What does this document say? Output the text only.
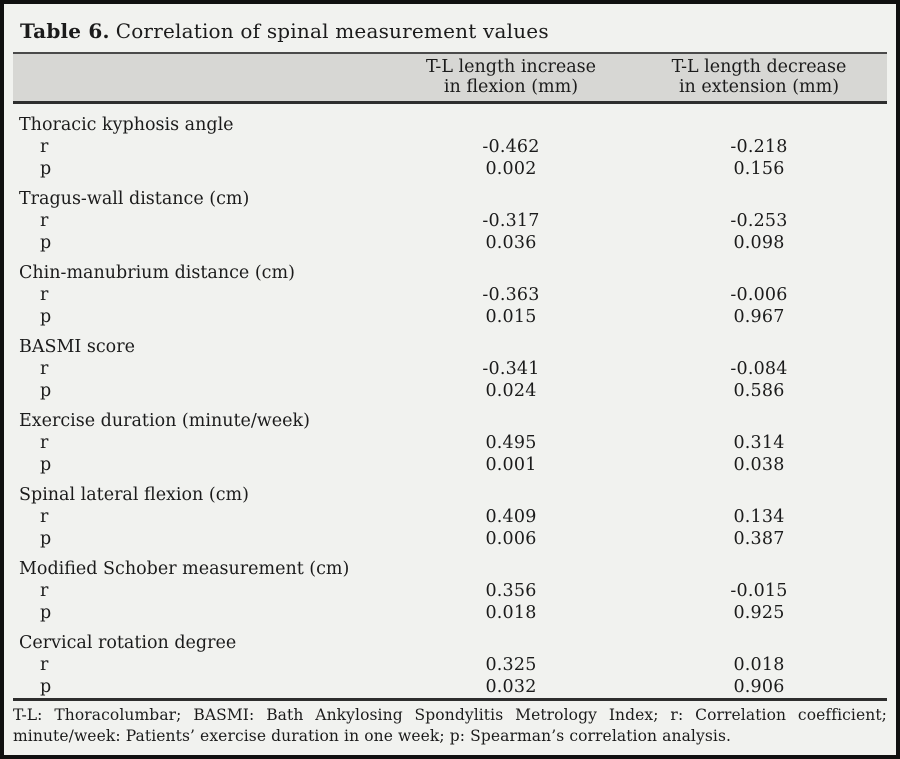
Table 6. Correlation of spinal measurement values
T-L length increase
in flexion (mm)
T-L length decrease
in extension (mm)
Thoracic kyphosis angle
r	-0.462	-0.218
p	0.002	0.156
Tragus-wall distance (cm)
r	-0.317	-0.253
p	0.036	0.098
Chin-manubrium distance (cm)
r	-0.363	-0.006
p	0.015	0.967
BASMI score
r	-0.341	-0.084
p	0.024	0.586
Exercise duration (minute/week)
r	0.495	0.314
p	0.001	0.038
Spinal lateral flexion (cm)
r	0.409	0.134
p	0.006	0.387
Modified Schober measurement (cm)
r	0.356	-0.015
p	0.018	0.925
Cervical rotation degree
r	0.325	0.018
p	0.032	0.906
T-L: Thoracolumbar; BASMI: Bath Ankylosing Spondylitis Metrology Index; r: Correlation coefficient; minute/week: Patients’ exercise duration in one week; p: Spearman’s correlation analysis.
